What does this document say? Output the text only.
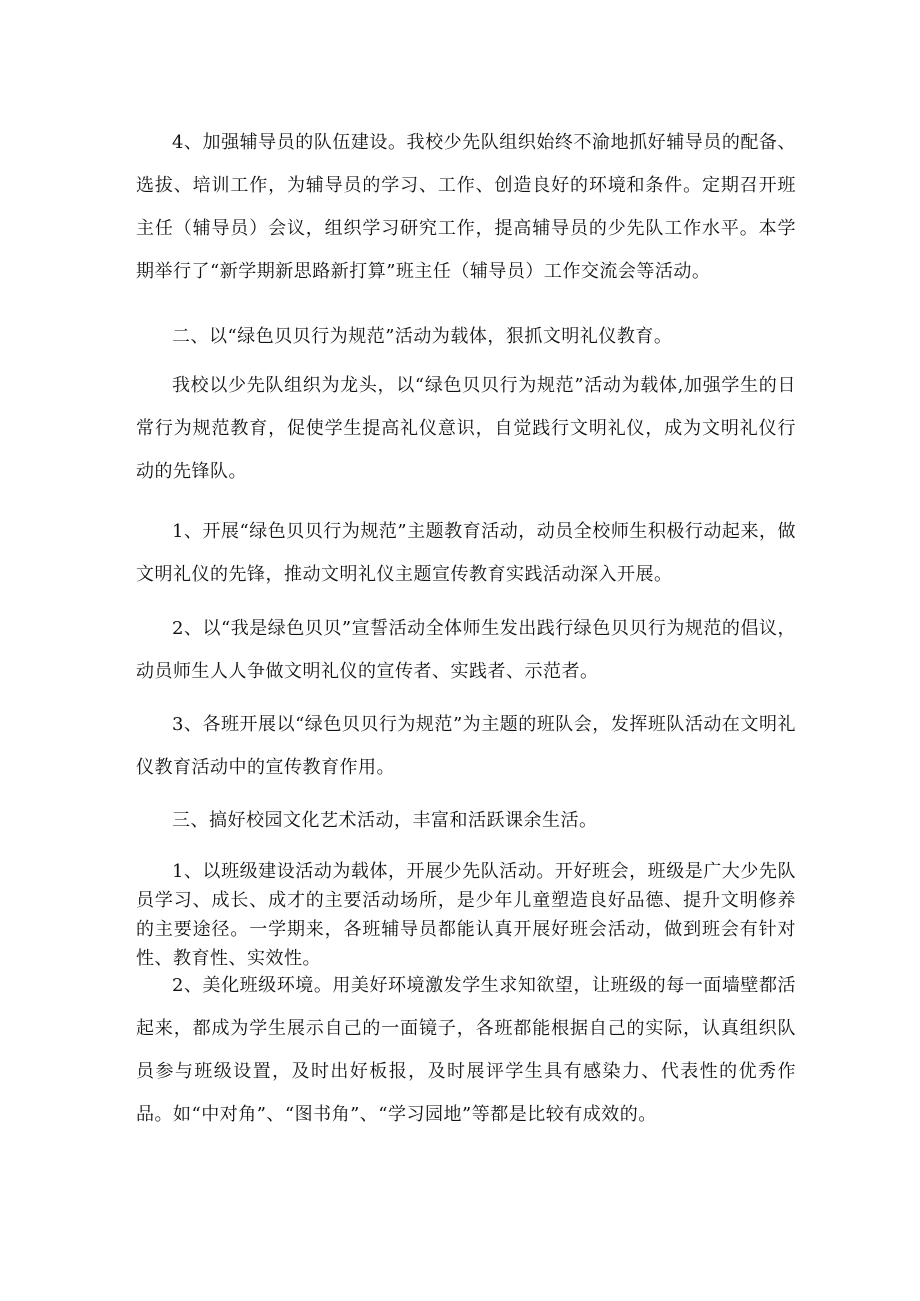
4、加强辅导员的队伍建设。我校少先队组织始终不渝地抓好辅导员的配备、选拔、培训工作，为辅导员的学习、工作、创造良好的环境和条件。定期召开班主任（辅导员）会议，组织学习研究工作，提高辅导员的少先队工作水平。本学期举行了“新学期新思路新打算”班主任（辅导员）工作交流会等活动。

二、以“绿色贝贝行为规范”活动为载体，狠抓文明礼仪教育。

我校以少先队组织为龙头，以“绿色贝贝行为规范”活动为载体,加强学生的日常行为规范教育，促使学生提高礼仪意识，自觉践行文明礼仪，成为文明礼仪行动的先锋队。

1、开展“绿色贝贝行为规范”主题教育活动，动员全校师生积极行动起来，做文明礼仪的先锋，推动文明礼仪主题宣传教育实践活动深入开展。

2、以“我是绿色贝贝”宣誓活动全体师生发出践行绿色贝贝行为规范的倡议，动员师生人人争做文明礼仪的宣传者、实践者、示范者。

3、各班开展以“绿色贝贝行为规范”为主题的班队会，发挥班队活动在文明礼仪教育活动中的宣传教育作用。

三、搞好校园文化艺术活动，丰富和活跃课余生活。

1、以班级建设活动为载体，开展少先队活动。开好班会，班级是广大少先队员学习、成长、成才的主要活动场所，是少年儿童塑造良好品德、提升文明修养的主要途径。一学期来，各班辅导员都能认真开展好班会活动，做到班会有针对性、教育性、实效性。

2、美化班级环境。用美好环境激发学生求知欲望，让班级的每一面墙壁都活起来，都成为学生展示自己的一面镜子，各班都能根据自己的实际，认真组织队员参与班级设置，及时出好板报，及时展评学生具有感染力、代表性的优秀作品。如“中对角”、“图书角”、“学习园地”等都是比较有成效的。
